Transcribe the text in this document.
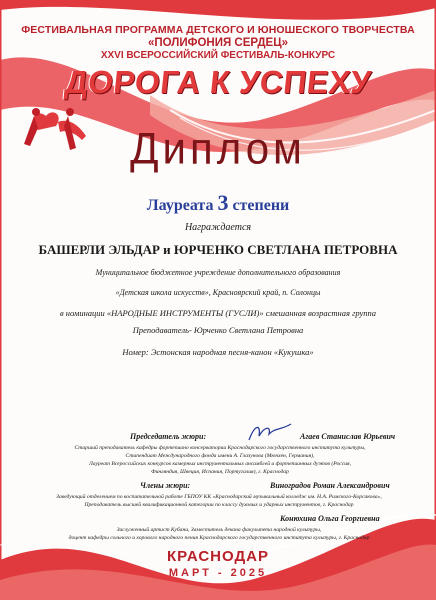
ФЕСТИВАЛЬНАЯ ПРОГРАММА ДЕТСКОГО И ЮНОШЕСКОГО ТВОРЧЕСТВА
«ПОЛИФОНИЯ СЕРДЕЦ»
XXVI ВСЕРОССИЙСКИЙ ФЕСТИВАЛЬ-КОНКУРС
ДОРОГА К УСПЕХУ
Диплом
Лауреата 3 степени
Награждается
БАШЕРЛИ ЭЛЬДАР и ЮРЧЕНКО СВЕТЛАНА ПЕТРОВНА
Муниципальное бюджетное учреждение дополнительного образования
«Детская школа искусств», Красноярский край, п. Солонцы
в номинации «НАРОДНЫЕ ИНСТРУМЕНТЫ (ГУСЛИ)» смешанная возрастная группа
Преподаватель- Юрченко Светлана Петровна
Номер: Эстонская народная песня-канон «Кукушка»
Председатель жюри:	Агаев Станислав Юрьевич
Старший преподаватель кафедры фортепиано консерватории Краснодарского государственного института культуры,
Стипендиат Международного фонда имени А. Глазунова (Мюнхен, Германия),
Лауреат Всероссийских конкурсов камерных инструментальных ансамблей и фортепианных дуэтов (Россия,
Финляндия, Швеция, Испания, Португалия), г. Краснодар
Члены жюри:	Виноградов Роман Александрович
Заведующий отделением по воспитательной работе ГБПОУ КК «Краснодарский музыкальный колледж им. Н.А. Римского-Корсакова»,
Преподаватель высшей квалификационной категории по классу духовых и ударных инструментов, г. Краснодар
Конюхина Ольга Георгиевна
Заслуженный артист Кубани, Заместитель декана факультета народной культуры,
доцент кафедры сольного и хорового народного пения Краснодарского государственного института культуры, г. Краснодар
КРАСНОДАР
МАРТ - 2025
